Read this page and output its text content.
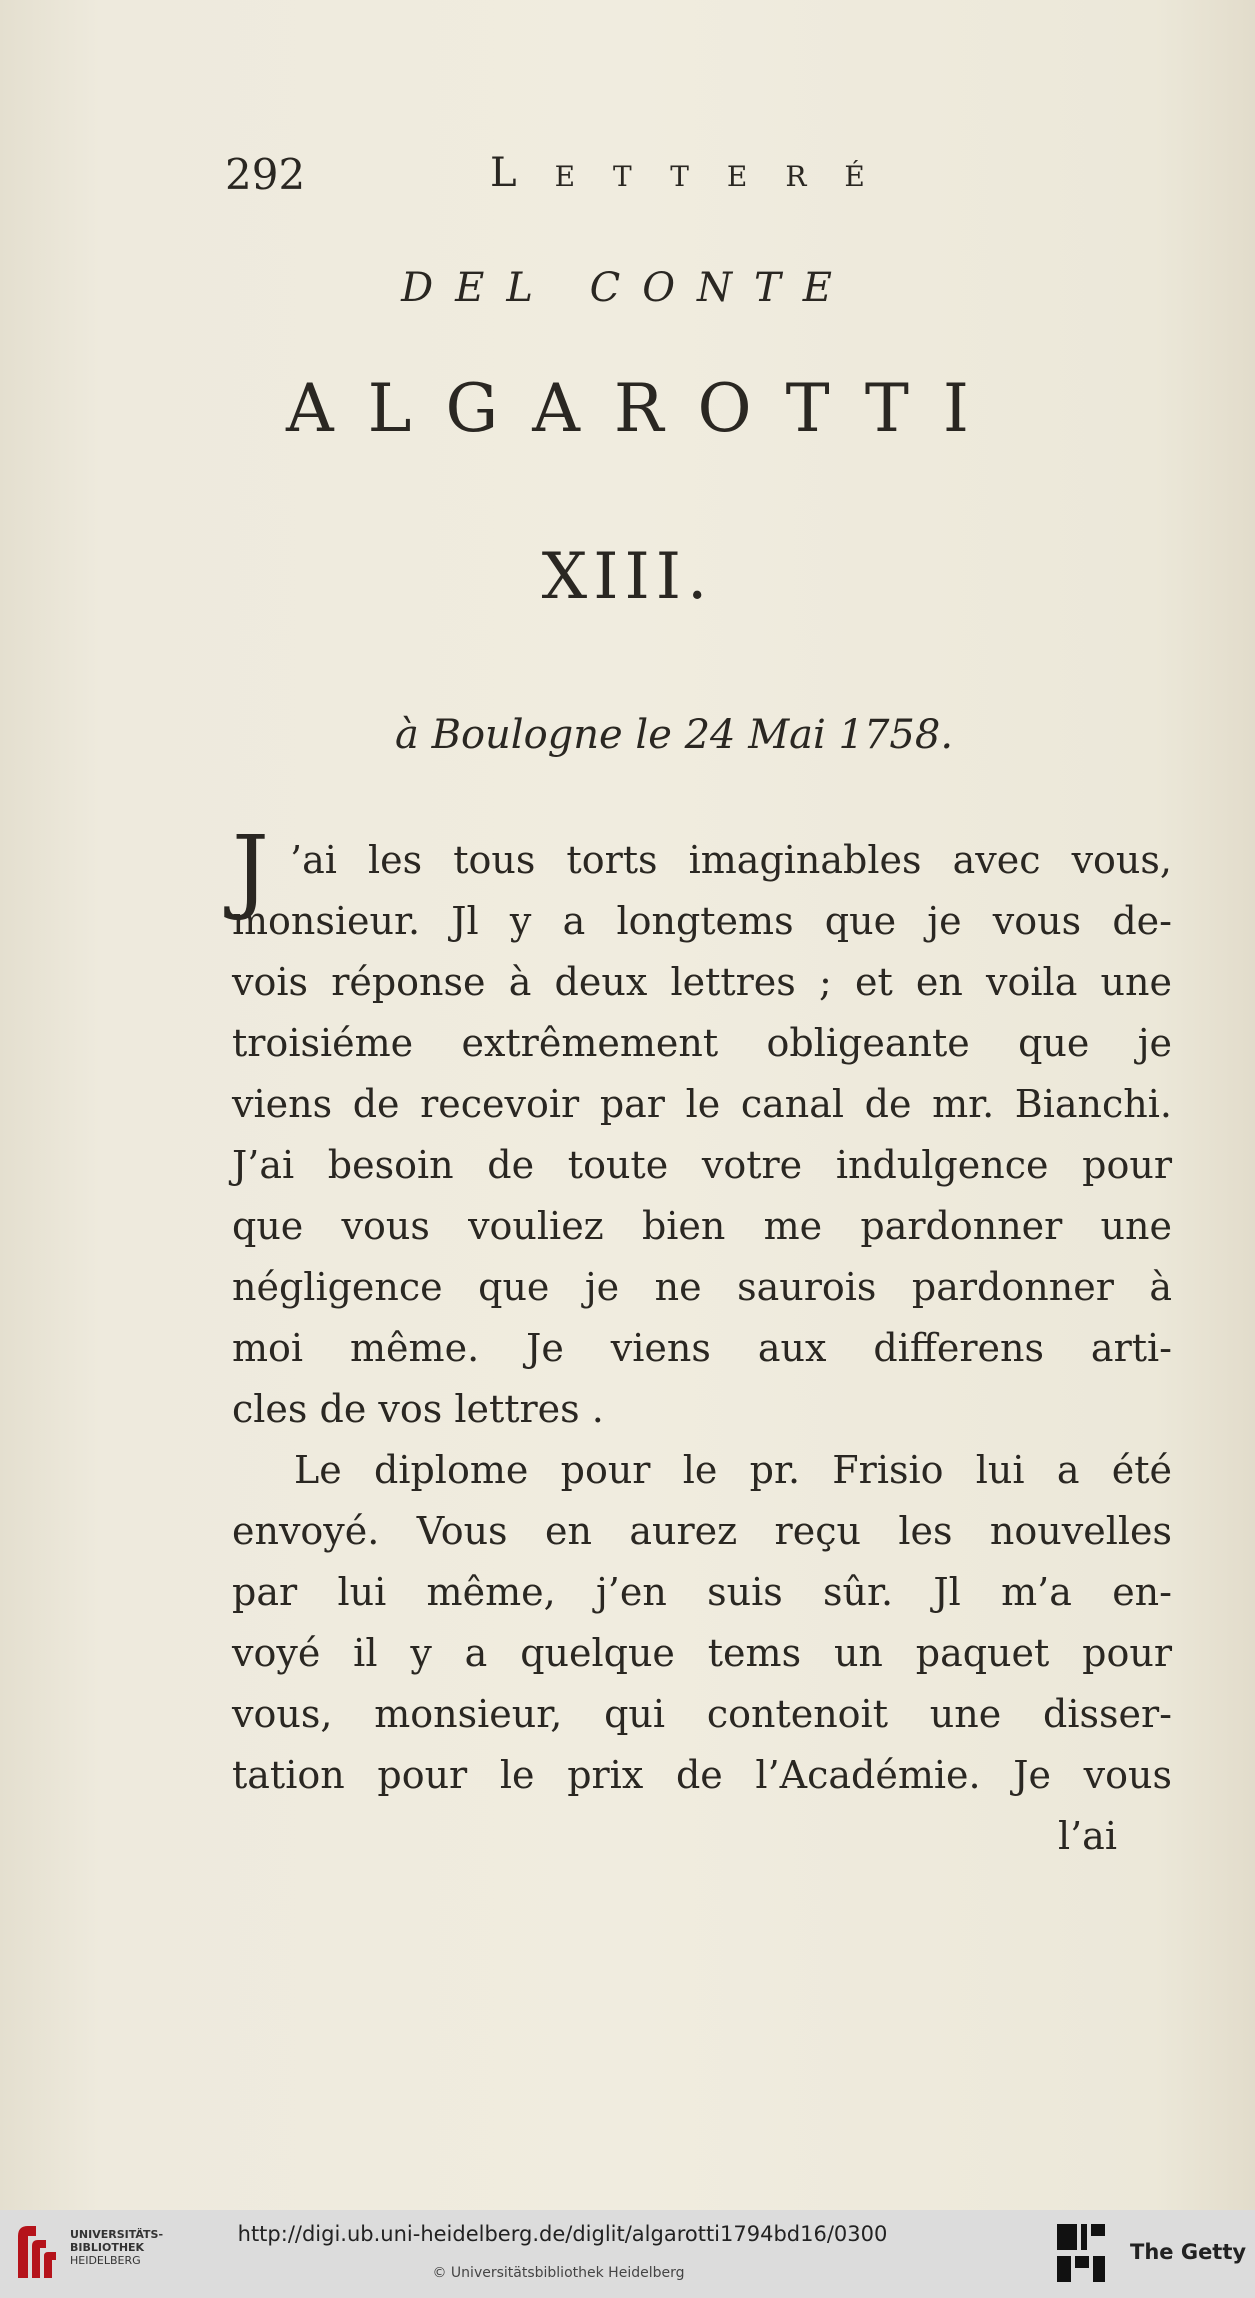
292	Letteré
DEL CONTE
ALGAROTTI
XIII.
à Boulogne le 24 Mai 1758.
J ’ai les tous torts imaginables avec vous,
monsieur. Jl y a longtems que je vous de-
vois réponse à deux lettres ; et en voila une
troisiéme extrêmement obligeante que je
viens de recevoir par le canal de mr. Bianchi.
J’ai besoin de toute votre indulgence pour
que vous vouliez bien me pardonner une
négligence que je ne saurois pardonner à
moi même. Je viens aux differens arti-
cles de vos lettres .
Le diplome pour le pr. Frisio lui a été
envoyé. Vous en aurez reçu les nouvelles
par lui même, j’en suis sûr. Jl m’a en-
voyé il y a quelque tems un paquet pour
vous, monsieur, qui contenoit une disser-
tation pour le prix de l’Académie. Je vous
l’ai
UNIVERSITÄTS-
BIBLIOTHEK
HEIDELBERG
http://digi.ub.uni-heidelberg.de/diglit/algarotti1794bd16/0300
© Universitätsbibliothek Heidelberg
The Getty
